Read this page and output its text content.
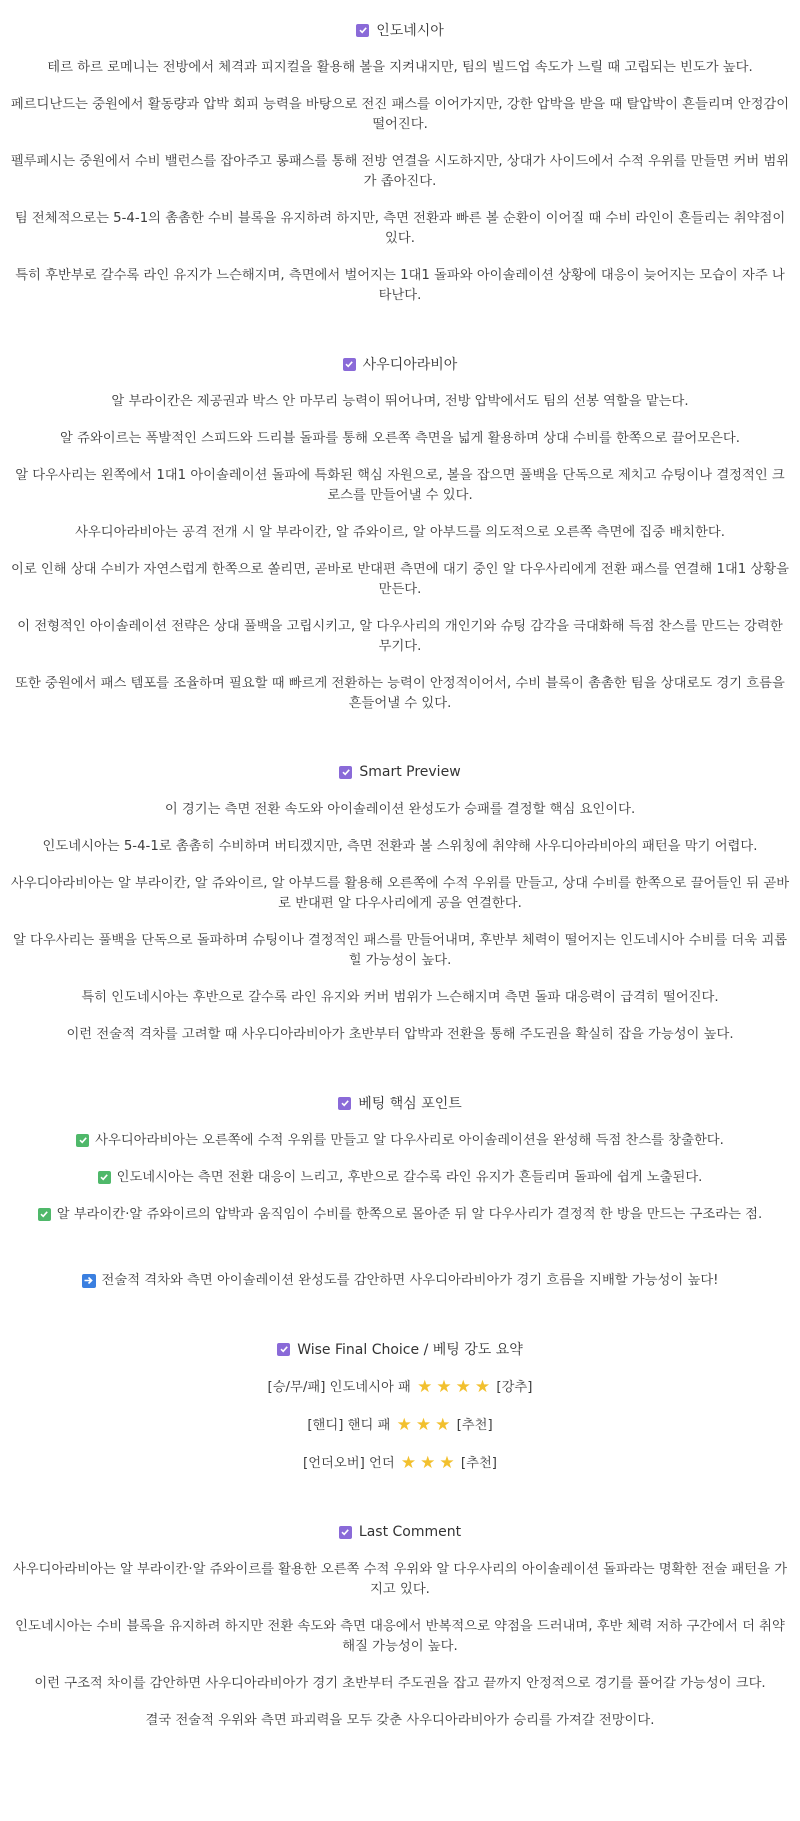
인도네시아

테르 하르 로메니는 전방에서 체격과 피지컬을 활용해 볼을 지켜내지만, 팀의 빌드업 속도가 느릴 때 고립되는 빈도가 높다.

페르디난드는 중원에서 활동량과 압박 회피 능력을 바탕으로 전진 패스를 이어가지만, 강한 압박을 받을 때 탈압박이 흔들리며 안정감이 떨어진다.

펠루페시는 중원에서 수비 밸런스를 잡아주고 롱패스를 통해 전방 연결을 시도하지만, 상대가 사이드에서 수적 우위를 만들면 커버 범위가 좁아진다.

팀 전체적으로는 5-4-1의 촘촘한 수비 블록을 유지하려 하지만, 측면 전환과 빠른 볼 순환이 이어질 때 수비 라인이 흔들리는 취약점이 있다.

특히 후반부로 갈수록 라인 유지가 느슨해지며, 측면에서 벌어지는 1대1 돌파와 아이솔레이션 상황에 대응이 늦어지는 모습이 자주 나타난다.

사우디아라비아

알 부라이칸은 제공권과 박스 안 마무리 능력이 뛰어나며, 전방 압박에서도 팀의 선봉 역할을 맡는다.

알 쥬와이르는 폭발적인 스피드와 드리블 돌파를 통해 오른쪽 측면을 넓게 활용하며 상대 수비를 한쪽으로 끌어모은다.

알 다우사리는 왼쪽에서 1대1 아이솔레이션 돌파에 특화된 핵심 자원으로, 볼을 잡으면 풀백을 단독으로 제치고 슈팅이나 결정적인 크로스를 만들어낼 수 있다.

사우디아라비아는 공격 전개 시 알 부라이칸, 알 쥬와이르, 알 아부드를 의도적으로 오른쪽 측면에 집중 배치한다.

이로 인해 상대 수비가 자연스럽게 한쪽으로 쏠리면, 곧바로 반대편 측면에 대기 중인 알 다우사리에게 전환 패스를 연결해 1대1 상황을 만든다.

이 전형적인 아이솔레이션 전략은 상대 풀백을 고립시키고, 알 다우사리의 개인기와 슈팅 감각을 극대화해 득점 찬스를 만드는 강력한 무기다.

또한 중원에서 패스 템포를 조율하며 필요할 때 빠르게 전환하는 능력이 안정적이어서, 수비 블록이 촘촘한 팀을 상대로도 경기 흐름을 흔들어낼 수 있다.

Smart Preview

이 경기는 측면 전환 속도와 아이솔레이션 완성도가 승패를 결정할 핵심 요인이다.

인도네시아는 5-4-1로 촘촘히 수비하며 버티겠지만, 측면 전환과 볼 스위칭에 취약해 사우디아라비아의 패턴을 막기 어렵다.

사우디아라비아는 알 부라이칸, 알 쥬와이르, 알 아부드를 활용해 오른쪽에 수적 우위를 만들고, 상대 수비를 한쪽으로 끌어들인 뒤 곧바로 반대편 알 다우사리에게 공을 연결한다.

알 다우사리는 풀백을 단독으로 돌파하며 슈팅이나 결정적인 패스를 만들어내며, 후반부 체력이 떨어지는 인도네시아 수비를 더욱 괴롭힐 가능성이 높다.

특히 인도네시아는 후반으로 갈수록 라인 유지와 커버 범위가 느슨해지며 측면 돌파 대응력이 급격히 떨어진다.

이런 전술적 격차를 고려할 때 사우디아라비아가 초반부터 압박과 전환을 통해 주도권을 확실히 잡을 가능성이 높다.

베팅 핵심 포인트

사우디아라비아는 오른쪽에 수적 우위를 만들고 알 다우사리로 아이솔레이션을 완성해 득점 찬스를 창출한다.

인도네시아는 측면 전환 대응이 느리고, 후반으로 갈수록 라인 유지가 흔들리며 돌파에 쉽게 노출된다.

알 부라이칸·알 쥬와이르의 압박과 움직임이 수비를 한쪽으로 몰아준 뒤 알 다우사리가 결정적 한 방을 만드는 구조라는 점.

전술적 격차와 측면 아이솔레이션 완성도를 감안하면 사우디아라비아가 경기 흐름을 지배할 가능성이 높다!

Wise Final Choice / 베팅 강도 요약
[승/무/패] 인도네시아 패 ★ ★ ★ ★ [강추]
[핸디] 핸디 패 ★ ★ ★ [추천]
[언더오버] 언더 ★ ★ ★ [추천]
Last Comment

사우디아라비아는 알 부라이칸·알 쥬와이르를 활용한 오른쪽 수적 우위와 알 다우사리의 아이솔레이션 돌파라는 명확한 전술 패턴을 가지고 있다.

인도네시아는 수비 블록을 유지하려 하지만 전환 속도와 측면 대응에서 반복적으로 약점을 드러내며, 후반 체력 저하 구간에서 더 취약해질 가능성이 높다.

이런 구조적 차이를 감안하면 사우디아라비아가 경기 초반부터 주도권을 잡고 끝까지 안정적으로 경기를 풀어갈 가능성이 크다.

결국 전술적 우위와 측면 파괴력을 모두 갖춘 사우디아라비아가 승리를 가져갈 전망이다.
